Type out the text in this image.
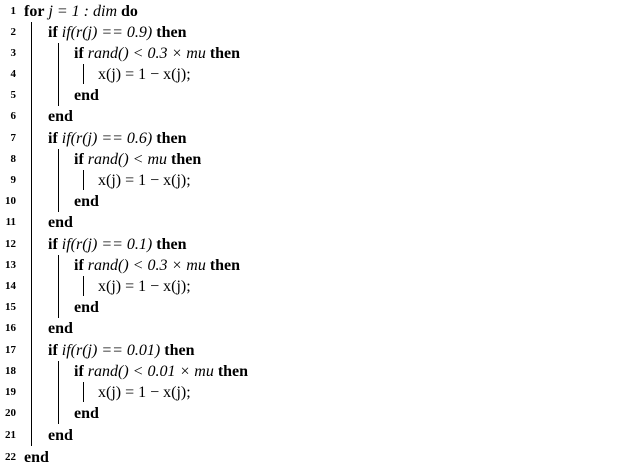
1 for j = 1 : dim do
2 if if(r(j) == 0.9) then
3	if rand() < 0.3 × mu then
4	x(j) = 1 − x(j);
5	end
6 end
7 if if(r(j) == 0.6) then
8	if rand() < mu then
9	x(j) = 1 − x(j);
10	end
11 end
12 if if(r(j) == 0.1) then
13	if rand() < 0.3 × mu then
14	x(j) = 1 − x(j);
15	end
16 end
17 if if(r(j) == 0.01) then
18	if rand() < 0.01 × mu then
19	x(j) = 1 − x(j);
20	end
21 end
22 end
